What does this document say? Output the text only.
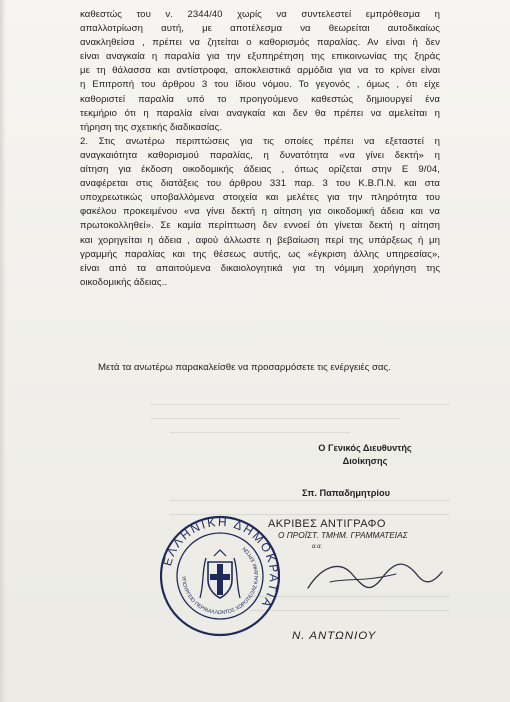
καθεστώς του ν. 2344/40 χωρίς να συντελεστεί εμπρόθεσμα η
απαλλοτρίωση αυτή, με αποτέλεσμα να θεωρείται αυτοδικαίως
ανακληθείσα , πρέπει να ζητείται ο καθορισμός παραλίας. Αν είναι ή δεν
είναι αναγκαία η παραλία για την εξυπηρέτηση της επικοινωνίας της ξηράς
με τη θάλασσα και αντίστροφα, αποκλειστικά αρμόδια για να το κρίνει είναι
η Επιτροπή του άρθρου 3 του ίδιου νόμου. Το γεγονός , όμως , ότι είχε
καθοριστεί παραλία υπό το προηγούμενο καθεστώς δημιουργεί ένα
τεκμήριο ότι η παραλία είναι αναγκαία και δεν θα πρέπει να αμελείται η
τήρηση της σχετικής διαδικασίας.
2. Στις ανωτέρω περιπτώσεις για τις οποίες πρέπει να εξεταστεί η
αναγκαιότητα καθορισμού παραλίας, η δυνατότητα «να γίνει δεκτή» η
αίτηση για έκδοση οικοδομικής άδειας , όπως ορίζεται στην Ε 9/04,
αναφέρεται στις διατάξεις του άρθρου 331 παρ. 3 του Κ.Β.Π.Ν. και στα
υποχρεωτικώς υποβαλλόμενα στοιχεία και μελέτες για την πληρότητα του
φακέλου προκειμένου «να γίνει δεκτή η αίτηση για οικοδομική άδεια και να
πρωτοκολληθεί». Σε καμία περίπτωση δεν εννοεί ότι γίνεται δεκτή η αίτηση
και χορηγείται η άδεια , αφού άλλωστε η βεβαίωση περί της υπάρξεως ή μη
γραμμής παραλίας και της θέσεως αυτής, ως «έγκριση άλλης υπηρεσίας»,
είναι από τα απαιτούμενα δικαιολογητικά για τη νόμιμη χορήγηση της
οικοδομικής άδειας..
Μετά τα ανωτέρω παρακαλείσθε να προσαρμόσετε τις ενέργειές σας.
Ο Γενικός Διευθυντής
Διοίκησης
Σπ. Παπαδημητρίου
ΑΚΡΙΒΕΣ ΑΝΤΙΓΡΑΦΟ
Ο ΠΡΟΪΣΤ. ΤΜΗΜ. ΓΡΑΜΜΑΤΕΙΑΣ
α.α.
ΕΛΛΗΝΙΚΗ ΔΗΜΟΚΡΑΤΙΑ
ΥΠΟΥΡΓΕΙΟ ΠΕΡΙΒΑΛΛΟΝΤΟΣ ΧΩΡΟΤΑΞΙΑΣ ΚΑΙ ΔΗΜ. ΕΡΓΩΝ
Ν. ΑΝΤΩΝΙΟΥ
